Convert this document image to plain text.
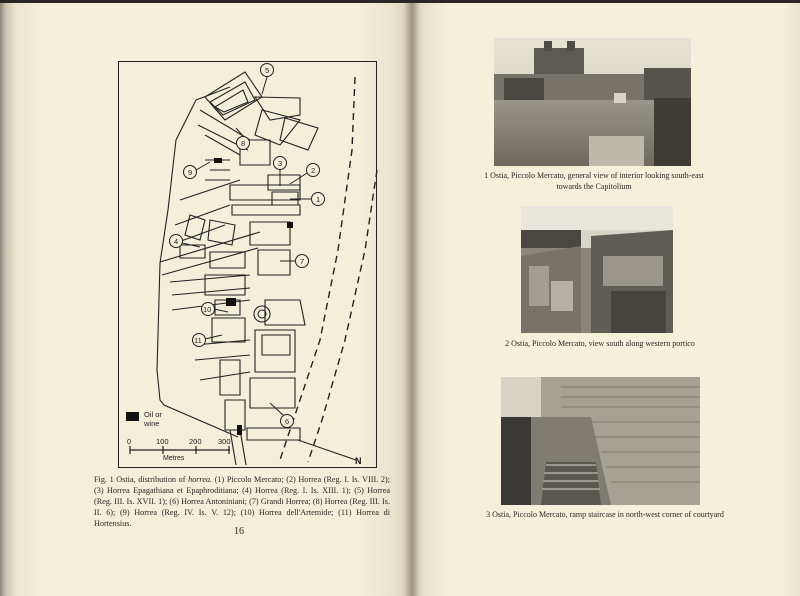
1
2
3
4
5
6
7
8
9
10
11
Oil or
wine
0	100	200 300
Metres	N
Fig. 1 Ostia, distribution of horrea. (1) Piccolo Mercato; (2) Horrea (Reg. I. Is. VIII. 2); (3) Horrea Epagathiana et Epaphroditiana; (4) Horrea (Reg. I. Is. XIII. 1); (5) Horrea (Reg. III. Is. XVII. 1); (6) Horrea Antoniniani; (7) Grandi Horrea; (8) Horrea (Reg. III. Is. II. 6); (9) Horrea (Reg. IV. Is. V. 12); (10) Horrea dell'Artemide; (11) Horrea di Hortensius.
16
1 Ostia, Piccolo Mercato, general view of interior looking south-east towards the Capitolium
2 Ostia, Piccolo Mercato, view south along western portico
3 Ostia, Piccolo Mercato, ramp staircase in north-west corner of courtyard
